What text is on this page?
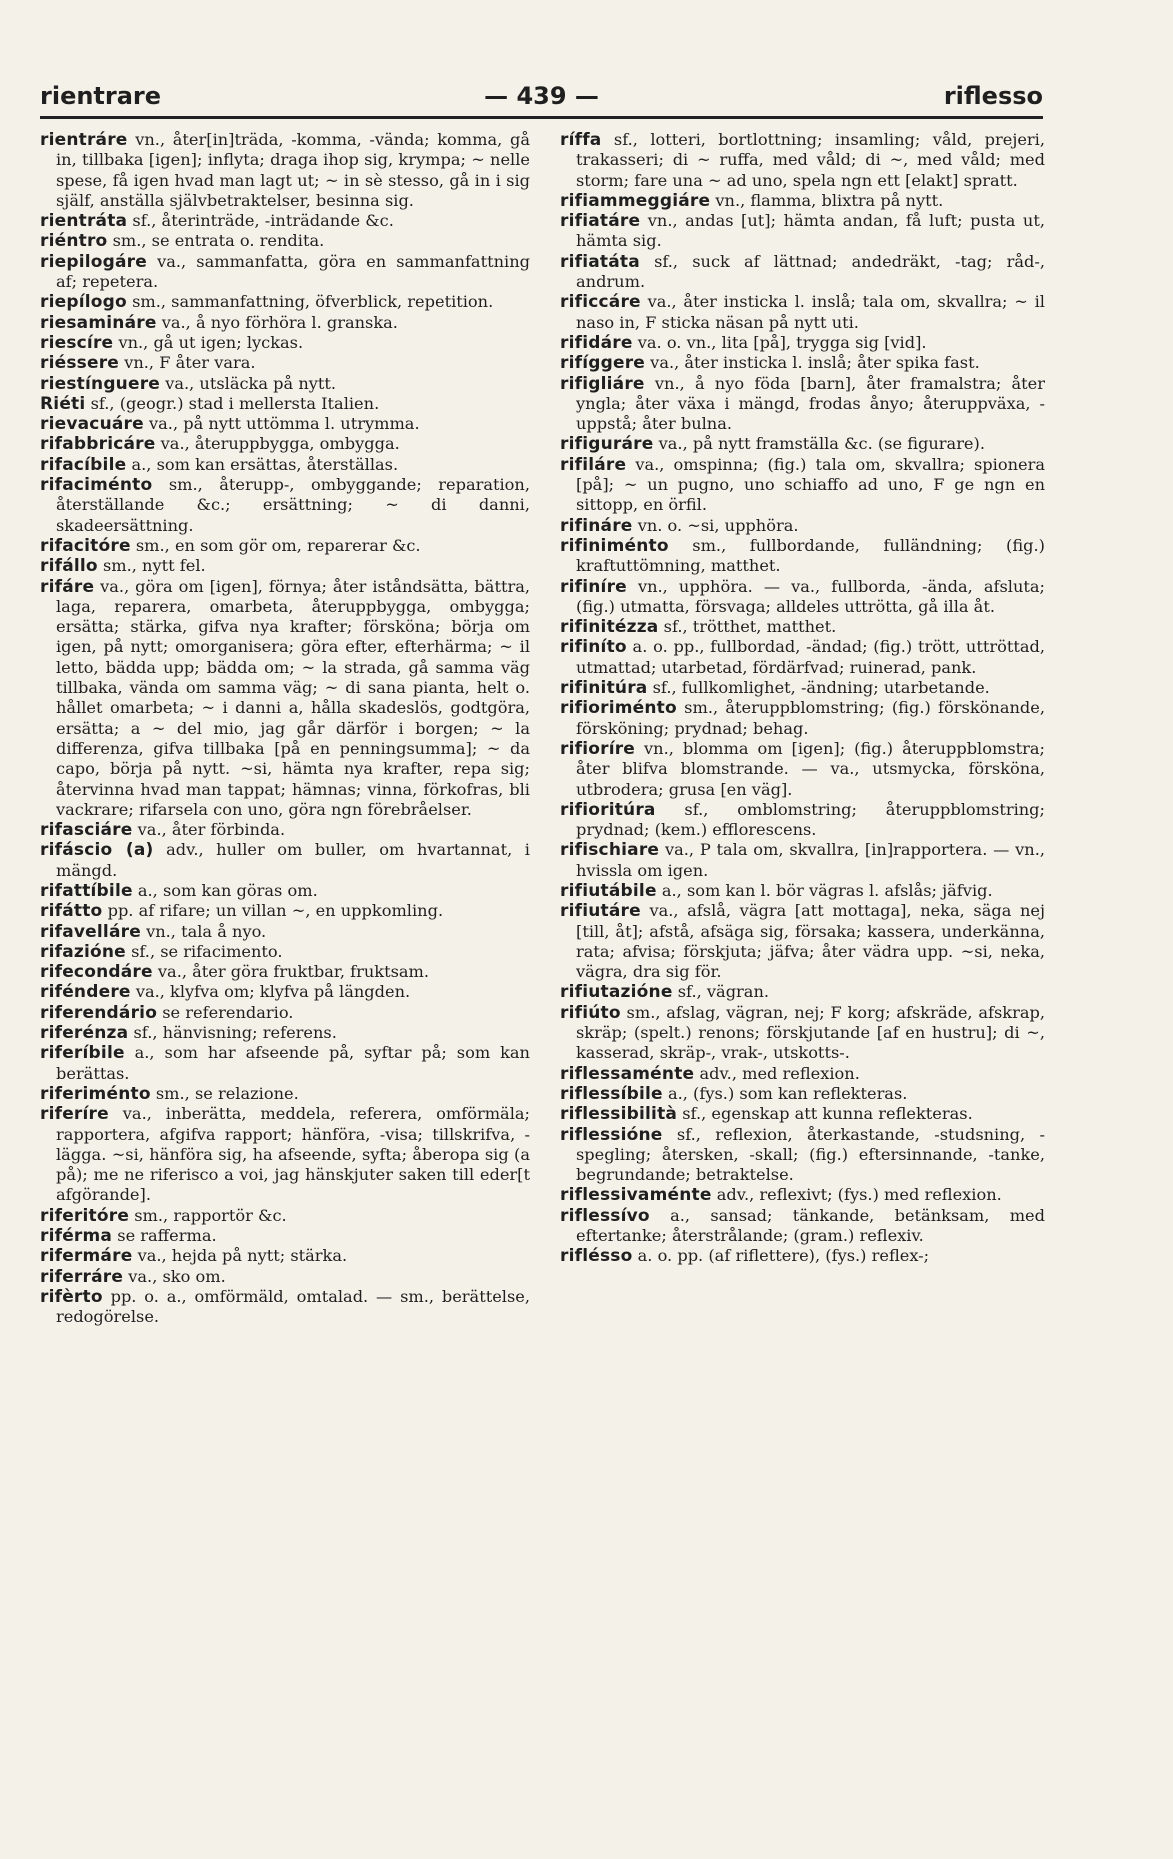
rientrare	— 439 —	riflesso

rientráre vn., åter[in]träda, -komma, -vända; komma, gå in, tillbaka [igen]; inflyta; draga ihop sig, krympa; ~ nelle spese, få igen hvad man lagt ut; ~ in sè stesso, gå in i sig själf, anställa självbetraktelser, besinna sig.

rientráta sf., återinträde, -inträdande &c.

riéntro sm., se entrata o. rendita.

riepilogáre va., sammanfatta, göra en sammanfattning af; repetera.

riepílogo sm., sammanfattning, öfverblick, repetition.

riesamináre va., å nyo förhöra l. granska.

riescíre vn., gå ut igen; lyckas.

riéssere vn., F åter vara.

riestínguere va., utsläcka på nytt.

Riéti sf., (geogr.) stad i mellersta Italien.

rievacuáre va., på nytt uttömma l. utrymma.

rifabbricáre va., återuppbygga, ombygga.

rifacíbile a., som kan ersättas, återställas.

rifaciménto sm., återupp-, ombyggande; reparation, återställande &c.; ersättning; ~ di danni, skadeersättning.

rifacitóre sm., en som gör om, reparerar &c.

rifállo sm., nytt fel.

rifáre va., göra om [igen], förnya; åter iståndsätta, bättra, laga, reparera, omarbeta, återuppbygga, ombygga; ersätta; stärka, gifva nya krafter; försköna; börja om igen, på nytt; omorganisera; göra efter, efterhärma; ~ il letto, bädda upp; bädda om; ~ la strada, gå samma väg tillbaka, vända om samma väg; ~ di sana pianta, helt o. hållet omarbeta; ~ i danni a, hålla skadeslös, godtgöra, ersätta; a ~ del mio, jag går därför i borgen; ~ la differenza, gifva tillbaka [på en penningsumma]; ~ da capo, börja på nytt. ~si, hämta nya krafter, repa sig; återvinna hvad man tappat; hämnas; vinna, förkofras, bli vackrare; rifarsela con uno, göra ngn förebråelser.

rifasciáre va., åter förbinda.

rifáscio (a) adv., huller om buller, om hvartannat, i mängd.

rifattíbile a., som kan göras om.

rifátto pp. af rifare; un villan ~, en uppkomling.

rifavelláre vn., tala å nyo.

rifazióne sf., se rifacimento.

rifecondáre va., åter göra fruktbar, fruktsam.

riféndere va., klyfva om; klyfva på längden.

riferendário se referendario.

riferénza sf., hänvisning; referens.

riferíbile a., som har afseende på, syftar på; som kan berättas.

riferiménto sm., se relazione.

riferíre va., inberätta, meddela, referera, omförmäla; rapportera, afgifva rapport; hänföra, -visa; tillskrifva, -lägga. ~si, hänföra sig, ha afseende, syfta; åberopa sig (a på); me ne riferisco a voi, jag hänskjuter saken till eder[t afgörande].

riferitóre sm., rapportör &c.

riférma se rafferma.

rifermáre va., hejda på nytt; stärka.

riferráre va., sko om.

rifèrto pp. o. a., omförmäld, omtalad. — sm., berättelse, redogörelse.

ríffa sf., lotteri, bortlottning; insamling; våld, prejeri, trakasseri; di ~ ruffa, med våld; di ~, med våld; med storm; fare una ~ ad uno, spela ngn ett [elakt] spratt.

rifiammeggiáre vn., flamma, blixtra på nytt.

rifiatáre vn., andas [ut]; hämta andan, få luft; pusta ut, hämta sig.

rifiatáta sf., suck af lättnad; andedräkt, -tag; råd-, andrum.

rificcáre va., åter insticka l. inslå; tala om, skvallra; ~ il naso in, F sticka näsan på nytt uti.

rifidáre va. o. vn., lita [på], trygga sig [vid].

rifíggere va., åter insticka l. inslå; åter spika fast.

rifigliáre vn., å nyo föda [barn], åter framalstra; åter yngla; åter växa i mängd, frodas ånyo; återuppväxa, -uppstå; åter bulna.

rifiguráre va., på nytt framställa &c. (se figurare).

rifiláre va., omspinna; (fig.) tala om, skvallra; spionera [på]; ~ un pugno, uno schiaffo ad uno, F ge ngn en sittopp, en örfil.

rifináre vn. o. ~si, upphöra.

rifiniménto sm., fullbordande, fulländning; (fig.) kraftuttömning, matthet.

rifiníre vn., upphöra. — va., fullborda, -ända, afsluta; (fig.) utmatta, försvaga; alldeles uttrötta, gå illa åt.

rifinitézza sf., trötthet, matthet.

rifiníto a. o. pp., fullbordad, -ändad; (fig.) trött, uttröttad, utmattad; utarbetad, fördärfvad; ruinerad, pank.

rifinitúra sf., fullkomlighet, -ändning; utarbetande.

rifioriménto sm., återuppblomstring; (fig.) förskönande, försköning; prydnad; behag.

rifioríre vn., blomma om [igen]; (fig.) återuppblomstra; åter blifva blomstrande. — va., utsmycka, försköna, utbrodera; grusa [en väg].

rifioritúra sf., omblomstring; återuppblomstring; prydnad; (kem.) efflorescens.

rifischiare va., P tala om, skvallra, [in]rapportera. — vn., hvissla om igen.

rifiutábile a., som kan l. bör vägras l. afslås; jäfvig.

rifiutáre va., afslå, vägra [att mottaga], neka, säga nej [till, åt]; afstå, afsäga sig, försaka; kassera, underkänna, rata; afvisa; förskjuta; jäfva; åter vädra upp. ~si, neka, vägra, dra sig för.

rifiutazióne sf., vägran.

rifiúto sm., afslag, vägran, nej; F korg; afskräde, afskrap, skräp; (spelt.) renons; förskjutande [af en hustru]; di ~, kasserad, skräp-, vrak-, utskotts-.

riflessaménte adv., med reflexion.

riflessíbile a., (fys.) som kan reflekteras.

riflessibilità sf., egenskap att kunna reflekteras.

riflessióne sf., reflexion, återkastande, -studsning, -spegling; återsken, -skall; (fig.) eftersinnande, -tanke, begrundande; betraktelse.

riflessivaménte adv., reflexivt; (fys.) med reflexion.

riflessívo a., sansad; tänkande, betänksam, med eftertanke; återstrålande; (gram.) reflexiv.

riflésso a. o. pp. (af riflettere), (fys.) reflex-;
